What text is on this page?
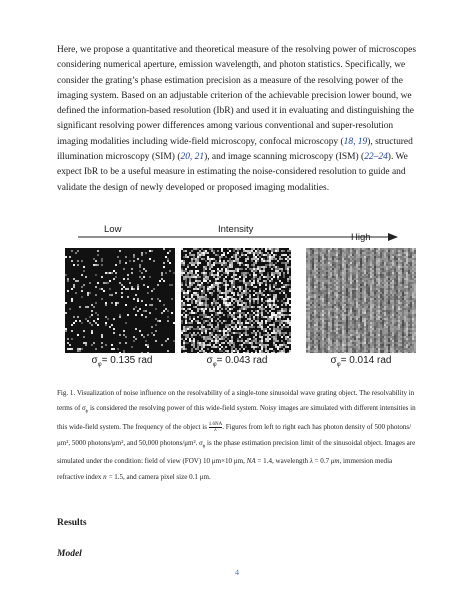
Here, we propose a quantitative and theoretical measure of the resolving power of microscopes considering numerical aperture, emission wavelength, and photon statistics. Specifically, we consider the grating’s phase estimation precision as a measure of the resolving power of the imaging system. Based on an adjustable criterion of the achievable precision lower bound, we defined the information-based resolution (IbR) and used it in evaluating and distinguishing the significant resolving power differences among various conventional and super-resolution imaging modalities including wide-field microscopy, confocal microscopy (18, 19), structured illumination microscopy (SIM) (20, 21), and image scanning microscopy (ISM) (22–24). We expect IbR to be a useful measure in estimating the noise-considered resolution to guide and validate the design of newly developed or proposed imaging modalities.

Low	Intensity
High
$\sigma_\varphi= 0.135$ rad	$\sigma_\varphi= 0.043$ rad	$\sigma_\varphi= 0.014$ rad

Fig. 1. Visualization of noise influence on the resolvability of a single-tone sinusoidal wave grating object. The resolvability in terms of $\sigma_\phi$ is considered the resolving power of this wide-field system. Noisy images are simulated with different intensities in this wide-field system. The frequency of the object is $\frac{1.6NA}{\lambda}$ . Figures from left to right each has photon density of 500 photons/μm², 5000 photons/μm², and 50,000 photons/μm². $\sigma_\phi$ is the phase estimation precision limit of the sinusoidal object. Images are simulated under the condition: field of view (FOV) 10 μm×10 μm, NA = 1.4, wavelength λ = 0.7 μm, immersion media refractive index n = 1.5, and camera pixel size 0.1 μm.

Results
Model
4
